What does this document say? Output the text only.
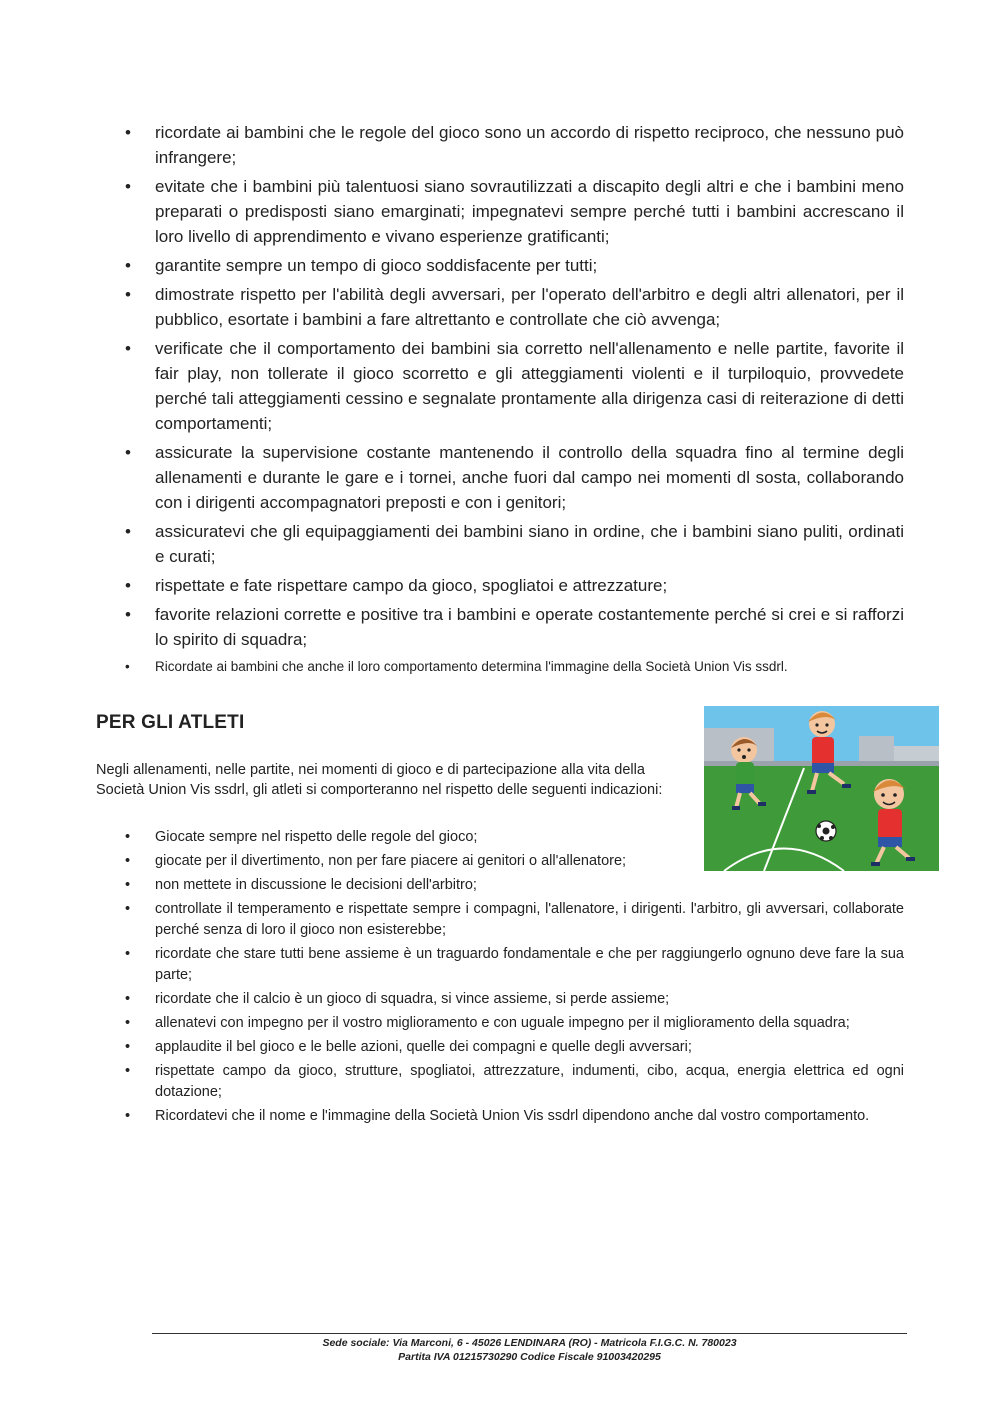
• ricordate ai bambini che le regole del gioco sono un accordo di rispetto reciproco, che nessuno può infrangere;
• evitate che i bambini più talentuosi siano sovrautilizzati a discapito degli altri e che i bambini meno preparati o predisposti siano emarginati; impegnatevi sempre perché tutti i bambini accrescano il loro livello di apprendimento e vivano esperienze gratificanti;
• garantite sempre un tempo di gioco soddisfacente per tutti;
• dimostrate rispetto per l'abilità degli avversari, per l'operato dell'arbitro e degli altri allenatori, per il pubblico, esortate i bambini a fare altrettanto e controllate che ciò avvenga;
• verificate che il comportamento dei bambini sia corretto nell'allenamento e nelle partite, favorite il fair play, non tollerate il gioco scorretto e gli atteggiamenti violenti e il turpiloquio, provvedete perché tali atteggiamenti cessino e segnalate prontamente alla dirigenza casi di reiterazione di detti comportamenti;
• assicurate la supervisione costante mantenendo il controllo della squadra fino al termine degli allenamenti e durante le gare e i tornei, anche fuori dal campo nei momenti dl sosta, collaborando con i dirigenti accompagnatori preposti e con i genitori;
• assicuratevi che gli equipaggiamenti dei bambini siano in ordine, che i bambini siano puliti, ordinati e curati;
• rispettate e fate rispettare campo da gioco, spogliatoi e attrezzature;
• favorite relazioni corrette e positive tra i bambini e operate costantemente perché si crei e si rafforzi lo spirito di squadra;
• Ricordate ai bambini che anche il loro comportamento determina l'immagine della Società Union Vis ssdrl.
PER GLI ATLETI

Negli allenamenti, nelle partite, nei momenti di gioco e di partecipazione alla vita della Società Union Vis ssdrl, gli atleti si comporteranno nel rispetto delle seguenti indicazioni:

• Giocate sempre nel rispetto delle regole del gioco;
• giocate per il divertimento, non per fare piacere ai genitori o all'allenatore;
• non mettete in discussione le decisioni dell'arbitro;
• controllate il temperamento e rispettate sempre i compagni, l'allenatore, i dirigenti. l'arbitro, gli avversari, collaborate perché senza di loro il gioco non esisterebbe;
• ricordate che stare tutti bene assieme è un traguardo fondamentale e che per raggiungerlo ognuno deve fare la sua parte;
• ricordate che il calcio è un gioco di squadra, si vince assieme, si perde assieme;
• allenatevi con impegno per il vostro miglioramento e con uguale impegno per il miglioramento della squadra;
• applaudite il bel gioco e le belle azioni, quelle dei compagni e quelle degli avversari;
• rispettate campo da gioco, strutture, spogliatoi, attrezzature, indumenti, cibo, acqua, energia elettrica ed ogni dotazione;
• Ricordatevi che il nome e l'immagine della Società Union Vis ssdrl dipendono anche dal vostro comportamento.
Sede sociale: Via Marconi, 6 - 45026 LENDINARA (RO) - Matricola F.I.G.C. N. 780023
Partita IVA 01215730290 Codice Fiscale 91003420295
